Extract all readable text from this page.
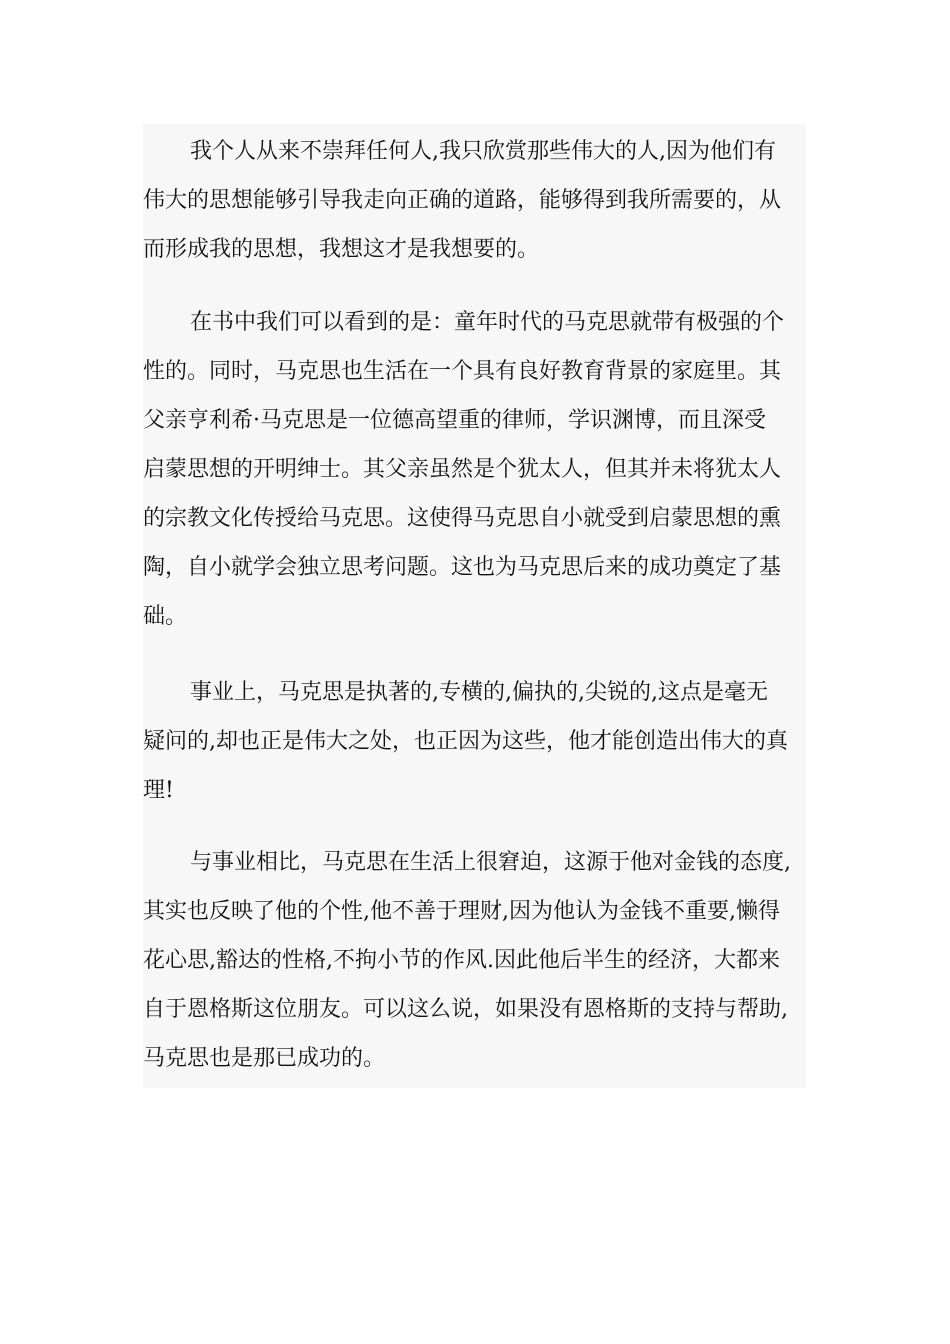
我个人从来不崇拜任何人,我只欣赏那些伟大的人,因为他们有
伟大的思想能够引导我走向正确的道路，能够得到我所需要的，从
而形成我的思想，我想这才是我想要的。
在书中我们可以看到的是：童年时代的马克思就带有极强的个
性的。同时，马克思也生活在一个具有良好教育背景的家庭里。其
父亲亨利希·马克思是一位德高望重的律师，学识渊博，而且深受
启蒙思想的开明绅士。其父亲虽然是个犹太人，但其并未将犹太人
的宗教文化传授给马克思。这使得马克思自小就受到启蒙思想的熏
陶，自小就学会独立思考问题。这也为马克思后来的成功奠定了基
础。
事业上，马克思是执著的,专横的,偏执的,尖锐的,这点是毫无
疑问的,却也正是伟大之处，也正因为这些，他才能创造出伟大的真
理!
与事业相比，马克思在生活上很窘迫，这源于他对金钱的态度,
其实也反映了他的个性,他不善于理财,因为他认为金钱不重要,懒得
花心思,豁达的性格,不拘小节的作风.因此他后半生的经济，大都来
自于恩格斯这位朋友。可以这么说，如果没有恩格斯的支持与帮助,
马克思也是那已成功的。
